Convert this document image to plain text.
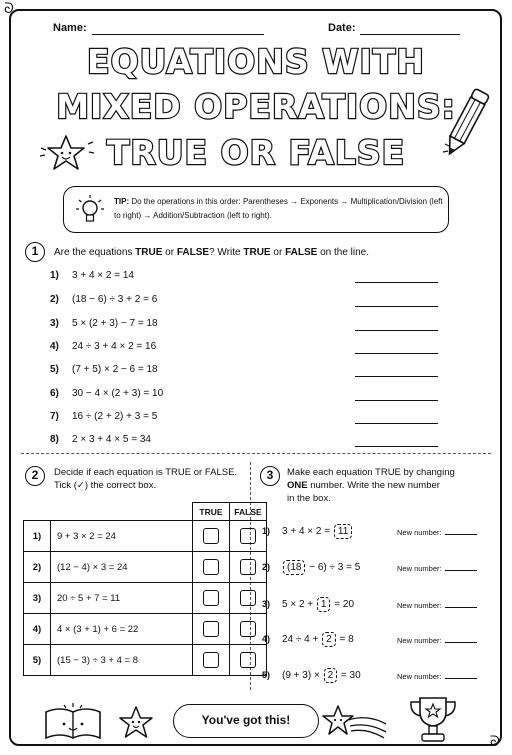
ᘐ
ᘐ
Name:	Date:
EQUATIONS WITH
MIXED OPERATIONS:
TRUE OR FALSE
TIP: Do the operations in this order: Parentheses → Exponents → Multiplication/Division (left to right) → Addition/Subtraction (left to right).
1	Are the equations TRUE or FALSE? Write TRUE or FALSE on the line.
1) 3 + 4 × 2 = 14
2) (18 − 6) ÷ 3 + 2 = 6
3) 5 × (2 + 3) − 7 = 18
4) 24 ÷ 3 + 4 × 2 = 16
5) (7 + 5) × 2 − 6 = 18
6) 30 − 4 × (2 + 3) = 10
7) 16 ÷ (2 + 2) + 3 = 5
8) 2 × 3 + 4 × 5 = 34
2	Decide if each equation is TRUE or FALSE.
Tick (✓) the correct box.
		TRUE	FALSE
1)	9 + 3 × 2 = 24		
2)	(12 − 4) × 3 = 24		
3)	20 ÷ 5 + 7 = 11		
4)	4 × (3 + 1) + 6 = 22		
5)	(15 − 3) ÷ 3 + 4 = 8		
3	Make each equation TRUE by changing
ONE number. Write the new number
in the box.
1) 3 + 4 × 2 = 11	New number:
2) (18 − 6) ÷ 3 = 5	New number:
3) 5 × 2 + 1 = 20	New number:
4) 24 ÷ 4 + 2 = 8	New number:
5) (9 + 3) × 2 = 30	New number:
You've got this!
